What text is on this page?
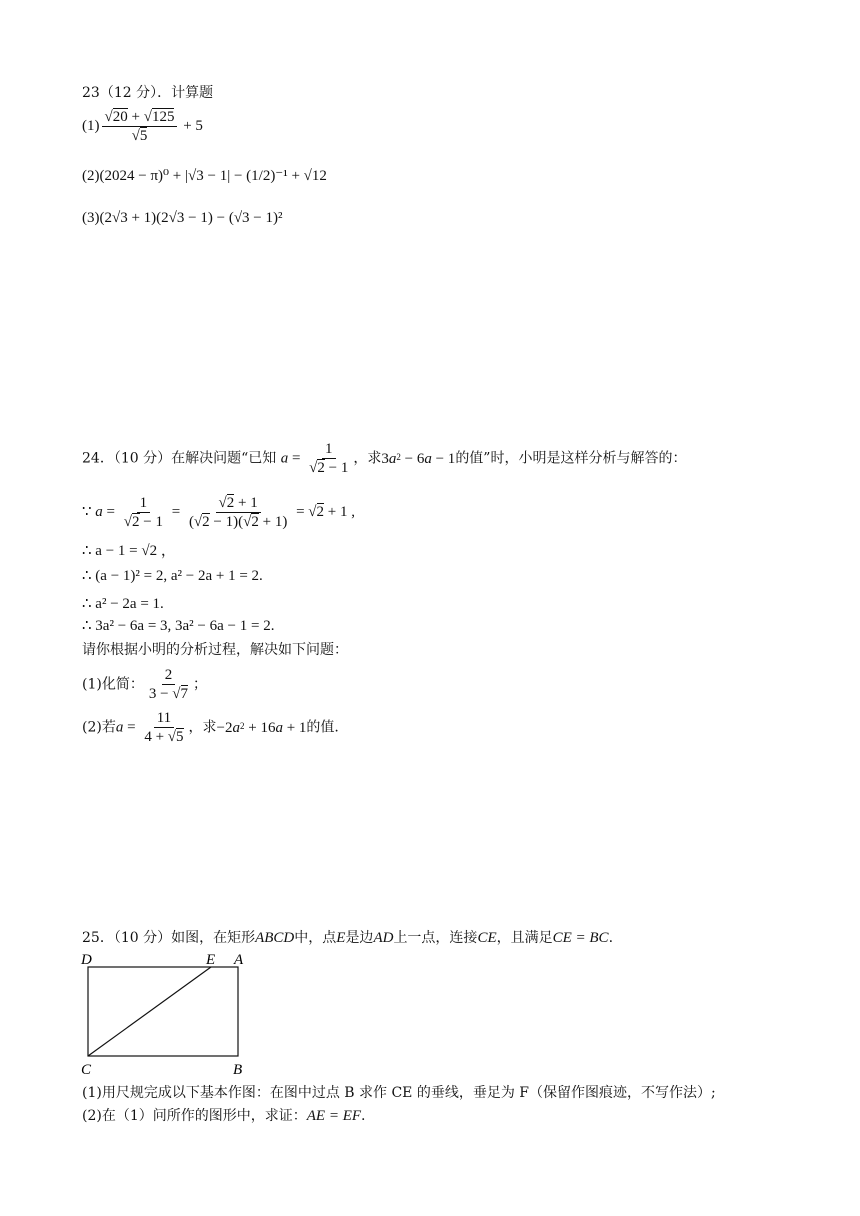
23（12 分）．计算题
$(1) \frac{√20 + √125}{√5} + 5$
(2)(2024 − π)⁰ + |√3 − 1| − (1/2)⁻¹ + √12
(3)(2√3 + 1)(2√3 − 1) − (√3 − 1)²
24．（10 分）在解决问题“已知 $a = \frac{1}{√2 - 1}$ ，求$3a^2 - 6a - 1$的值”时，小明是这样分析与解答的：
∵ $a = \frac{1}{√2 - 1} = \frac{√2 + 1}{(√2 - 1)(√2 + 1)} = √2 + 1$ ,
∴ a − 1 = √2 ，
∴ (a − 1)² = 2, a² − 2a + 1 = 2.
∴ a² − 2a = 1.
∴ 3a² − 6a = 3, 3a² − 6a − 1 = 2.
请你根据小明的分析过程，解决如下问题：
(1)化简： $\frac{2}{3 - √7}$ ；
(2)若$a = \frac{11}{4 + √5}$ ，求$-2a^2 + 16a + 1$的值.
25．（10 分）如图，在矩形ABCD中，点E是边AD上一点，连接CE，且满足CE = BC.
D	E A
C	B
(1)用尺规完成以下基本作图：在图中过点 B 求作 CE 的垂线，垂足为 F（保留作图痕迹，不写作法）;
(2)在（1）问所作的图形中，求证：AE = EF.
